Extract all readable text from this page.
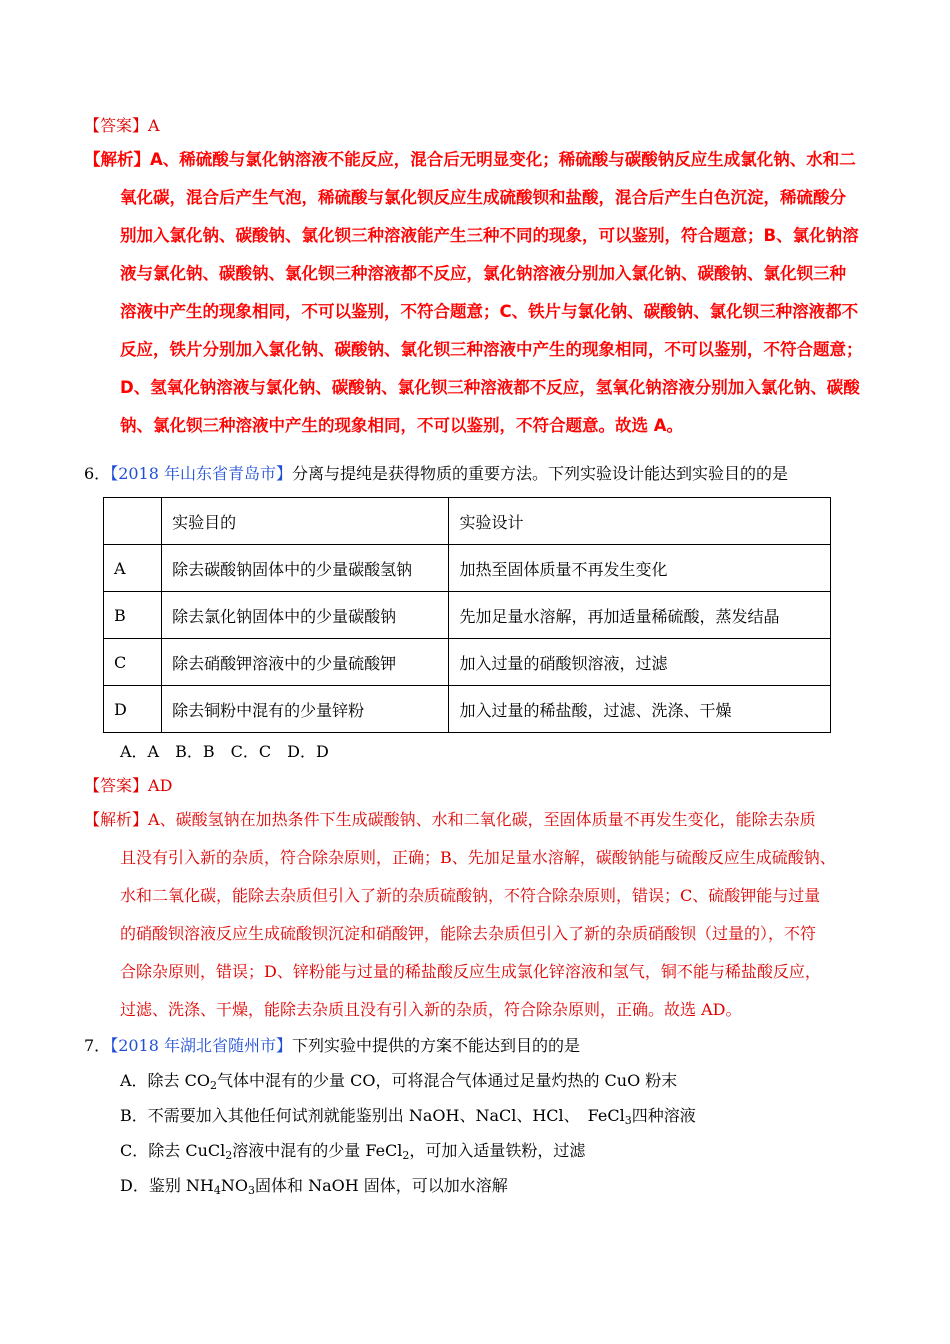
【答案】A
【解析】A、稀硫酸与氯化钠溶液不能反应，混合后无明显变化；稀硫酸与碳酸钠反应生成氯化钠、水和二
氧化碳，混合后产生气泡，稀硫酸与氯化钡反应生成硫酸钡和盐酸，混合后产生白色沉淀，稀硫酸分
别加入氯化钠、碳酸钠、氯化钡三种溶液能产生三种不同的现象，可以鉴别，符合题意；B、氯化钠溶
液与氯化钠、碳酸钠、氯化钡三种溶液都不反应，氯化钠溶液分别加入氯化钠、碳酸钠、氯化钡三种
溶液中产生的现象相同，不可以鉴别，不符合题意；C、铁片与氯化钠、碳酸钠、氯化钡三种溶液都不
反应，铁片分别加入氯化钠、碳酸钠、氯化钡三种溶液中产生的现象相同，不可以鉴别，不符合题意；
D、氢氧化钠溶液与氯化钠、碳酸钠、氯化钡三种溶液都不反应，氢氧化钠溶液分别加入氯化钠、碳酸
钠、氯化钡三种溶液中产生的现象相同，不可以鉴别，不符合题意。故选 A。
6．【2018 年山东省青岛市】分离与提纯是获得物质的重要方法。下列实验设计能达到实验目的的是
	实验目的	实验设计
A	除去碳酸钠固体中的少量碳酸氢钠	加热至固体质量不再发生变化
B	除去氯化钠固体中的少量碳酸钠	先加足量水溶解，再加适量稀硫酸，蒸发结晶
C	除去硝酸钾溶液中的少量硫酸钾	加入过量的硝酸钡溶液，过滤
D	除去铜粉中混有的少量锌粉	加入过量的稀盐酸，过滤、洗涤、干燥
A．A　B．B　C．C　D．D
【答案】AD
【解析】A、碳酸氢钠在加热条件下生成碳酸钠、水和二氧化碳，至固体质量不再发生变化，能除去杂质
且没有引入新的杂质，符合除杂原则，正确；B、先加足量水溶解，碳酸钠能与硫酸反应生成硫酸钠、
水和二氧化碳，能除去杂质但引入了新的杂质硫酸钠，不符合除杂原则，错误；C、硫酸钾能与过量
的硝酸钡溶液反应生成硫酸钡沉淀和硝酸钾，能除去杂质但引入了新的杂质硝酸钡（过量的），不符
合除杂原则，错误；D、锌粉能与过量的稀盐酸反应生成氯化锌溶液和氢气，铜不能与稀盐酸反应，
过滤、洗涤、干燥，能除去杂质且没有引入新的杂质，符合除杂原则，正确。故选 AD。
7．【2018 年湖北省随州市】下列实验中提供的方案不能达到目的的是
A．除去 $CO_2$气体中混有的少量 CO，可将混合气体通过足量灼热的 CuO 粉末
B．不需要加入其他任何试剂就能鉴别出 NaOH、NaCl、HCl、　FeCl$_3$四种溶液
C．除去 CuCl$_2$溶液中混有的少量 FeCl$_2$，可加入适量铁粉，过滤
D．鉴别 $NH_4NO_3$固体和 NaOH 固体，可以加水溶解
